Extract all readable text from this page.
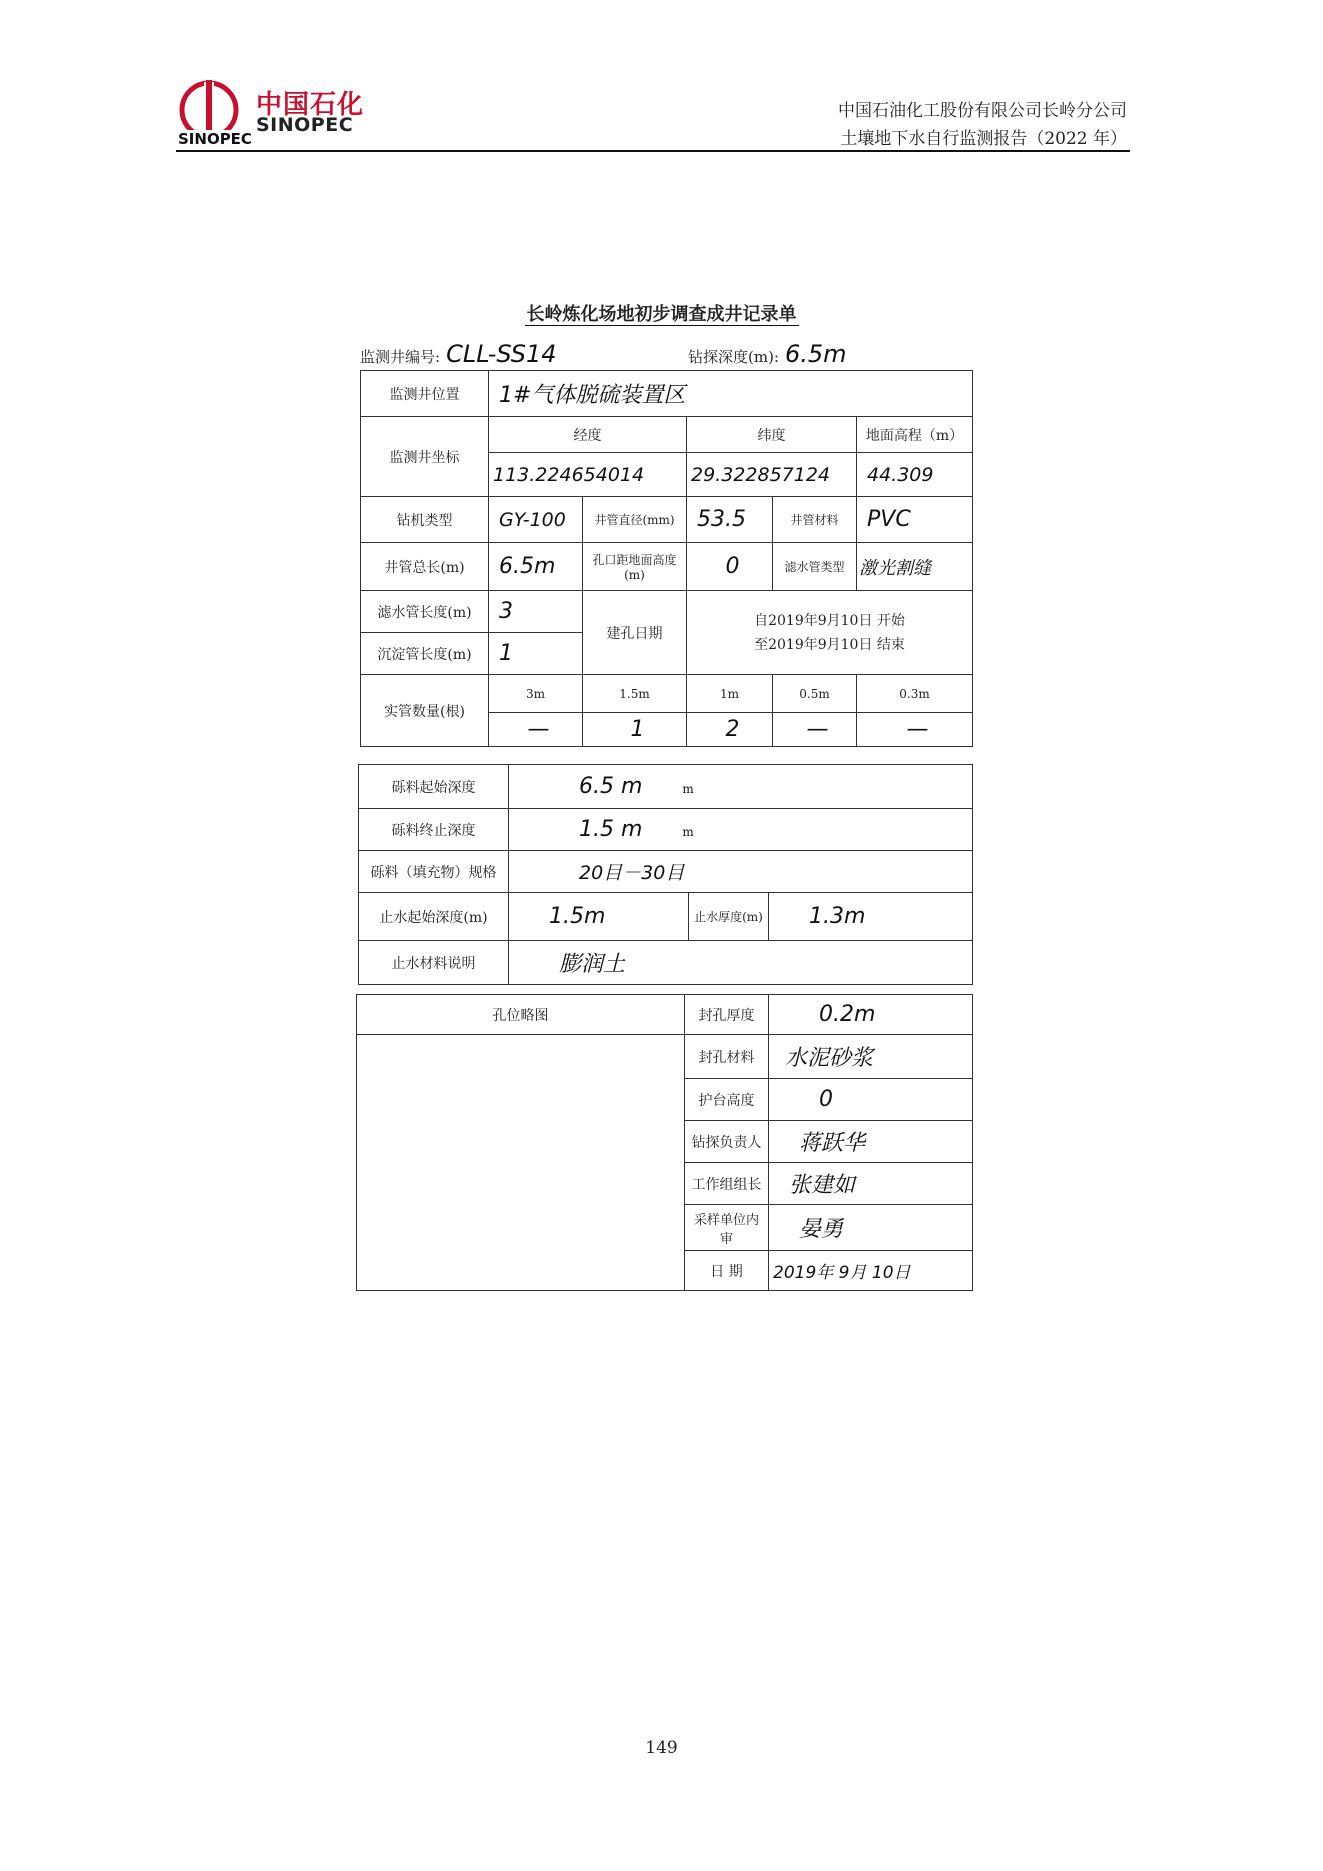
SINOPEC
中国石化
SINOPEC
中国石油化工股份有限公司长岭分公司
土壤地下水自行监测报告（2022 年）
长岭炼化场地初步调查成井记录单
监测井编号: CLL-SS14	钻探深度(m): 6.5m
监测井位置	1#气体脱硫装置区				
监测井坐标	经度		纬度		地面高程（m）
	113.224654014		29.322857124		44.309
钻机类型	GY-100	井管直径(mm)	53.5	井管材料	PVC
井管总长(m)	6.5m	孔口距地面高度(m)	0	滤水管类型	激光割缝
滤水管长度(m)	3	建孔日期	自2019年9月10日 开始
至2019年9月10日 结束		

沉淀管长度(m)	1				
实管数量(根)	3m	1.5m	1m	0.5m	0.3m
	—	1	2	—	—
砾料起始深度	6.5 m m		
砾料终止深度	1.5 m m		
砾料（填充物）规格	20目－30目		
止水起始深度(m)	1.5m	止水厚度(m)	1.3m
止水材料说明	膨润土		
孔位略图	封孔厚度	0.2m
	封孔材料	水泥砂浆
	护台高度	0
	钻探负责人	蒋跃华
	工作组组长	张建如
	采样单位内审	晏勇
	日 期	2019年 9月 10日
149
